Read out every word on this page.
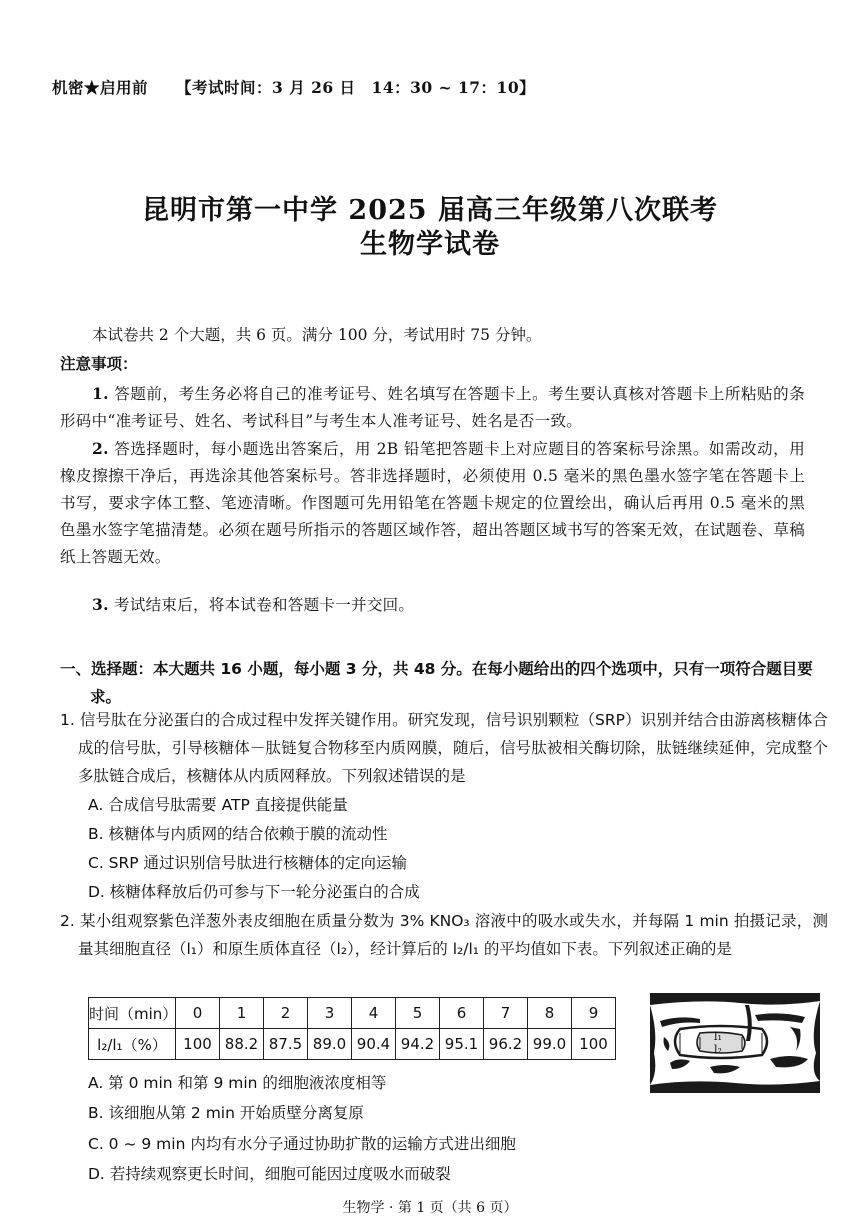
机密★启用前 【考试时间：3 月 26 日　14：30 ~ 17：10】
昆明市第一中学 2025 届高三年级第八次联考
生物学试卷
本试卷共 2 个大题，共 6 页。满分 100 分，考试用时 75 分钟。
注意事项：
1. 答题前，考生务必将自己的准考证号、姓名填写在答题卡上。考生要认真核对答题卡上所粘贴的条形码中“准考证号、姓名、考试科目”与考生本人准考证号、姓名是否一致。
2. 答选择题时，每小题选出答案后，用 2B 铅笔把答题卡上对应题目的答案标号涂黑。如需改动，用橡皮擦擦干净后，再选涂其他答案标号。答非选择题时，必须使用 0.5 毫米的黑色墨水签字笔在答题卡上书写，要求字体工整、笔迹清晰。作图题可先用铅笔在答题卡规定的位置绘出，确认后再用 0.5 毫米的黑色墨水签字笔描清楚。必须在题号所指示的答题区域作答，超出答题区域书写的答案无效，在试题卷、草稿纸上答题无效。
3. 考试结束后，将本试卷和答题卡一并交回。
一、选择题：本大题共 16 小题，每小题 3 分，共 48 分。在每小题给出的四个选项中，只有一项符合题目要求。
1. 信号肽在分泌蛋白的合成过程中发挥关键作用。研究发现，信号识别颗粒（SRP）识别并结合由游离核糖体合成的信号肽，引导核糖体－肽链复合物移至内质网膜，随后，信号肽被相关酶切除，肽链继续延伸，完成整个多肽链合成后，核糖体从内质网释放。下列叙述错误的是
A. 合成信号肽需要 ATP 直接提供能量
B. 核糖体与内质网的结合依赖于膜的流动性
C. SRP 通过识别信号肽进行核糖体的定向运输
D. 核糖体释放后仍可参与下一轮分泌蛋白的合成
2. 某小组观察紫色洋葱外表皮细胞在质量分数为 3% KNO₃ 溶液中的吸水或失水，并每隔 1 min 拍摄记录，测量其细胞直径（l₁）和原生质体直径（l₂），经计算后的 l₂/l₁ 的平均值如下表。下列叙述正确的是
时间（min）	0	1	2	3	4	5	6	7	8	9
l₂/l₁（%）	100	88.2	87.5	89.0	90.4	94.2	95.1	96.2	99.0	100	l₁
l₂
A. 第 0 min 和第 9 min 的细胞液浓度相等
B. 该细胞从第 2 min 开始质壁分离复原
C. 0 ~ 9 min 内均有水分子通过协助扩散的运输方式进出细胞
D. 若持续观察更长时间，细胞可能因过度吸水而破裂
生物学 · 第 1 页（共 6 页）
